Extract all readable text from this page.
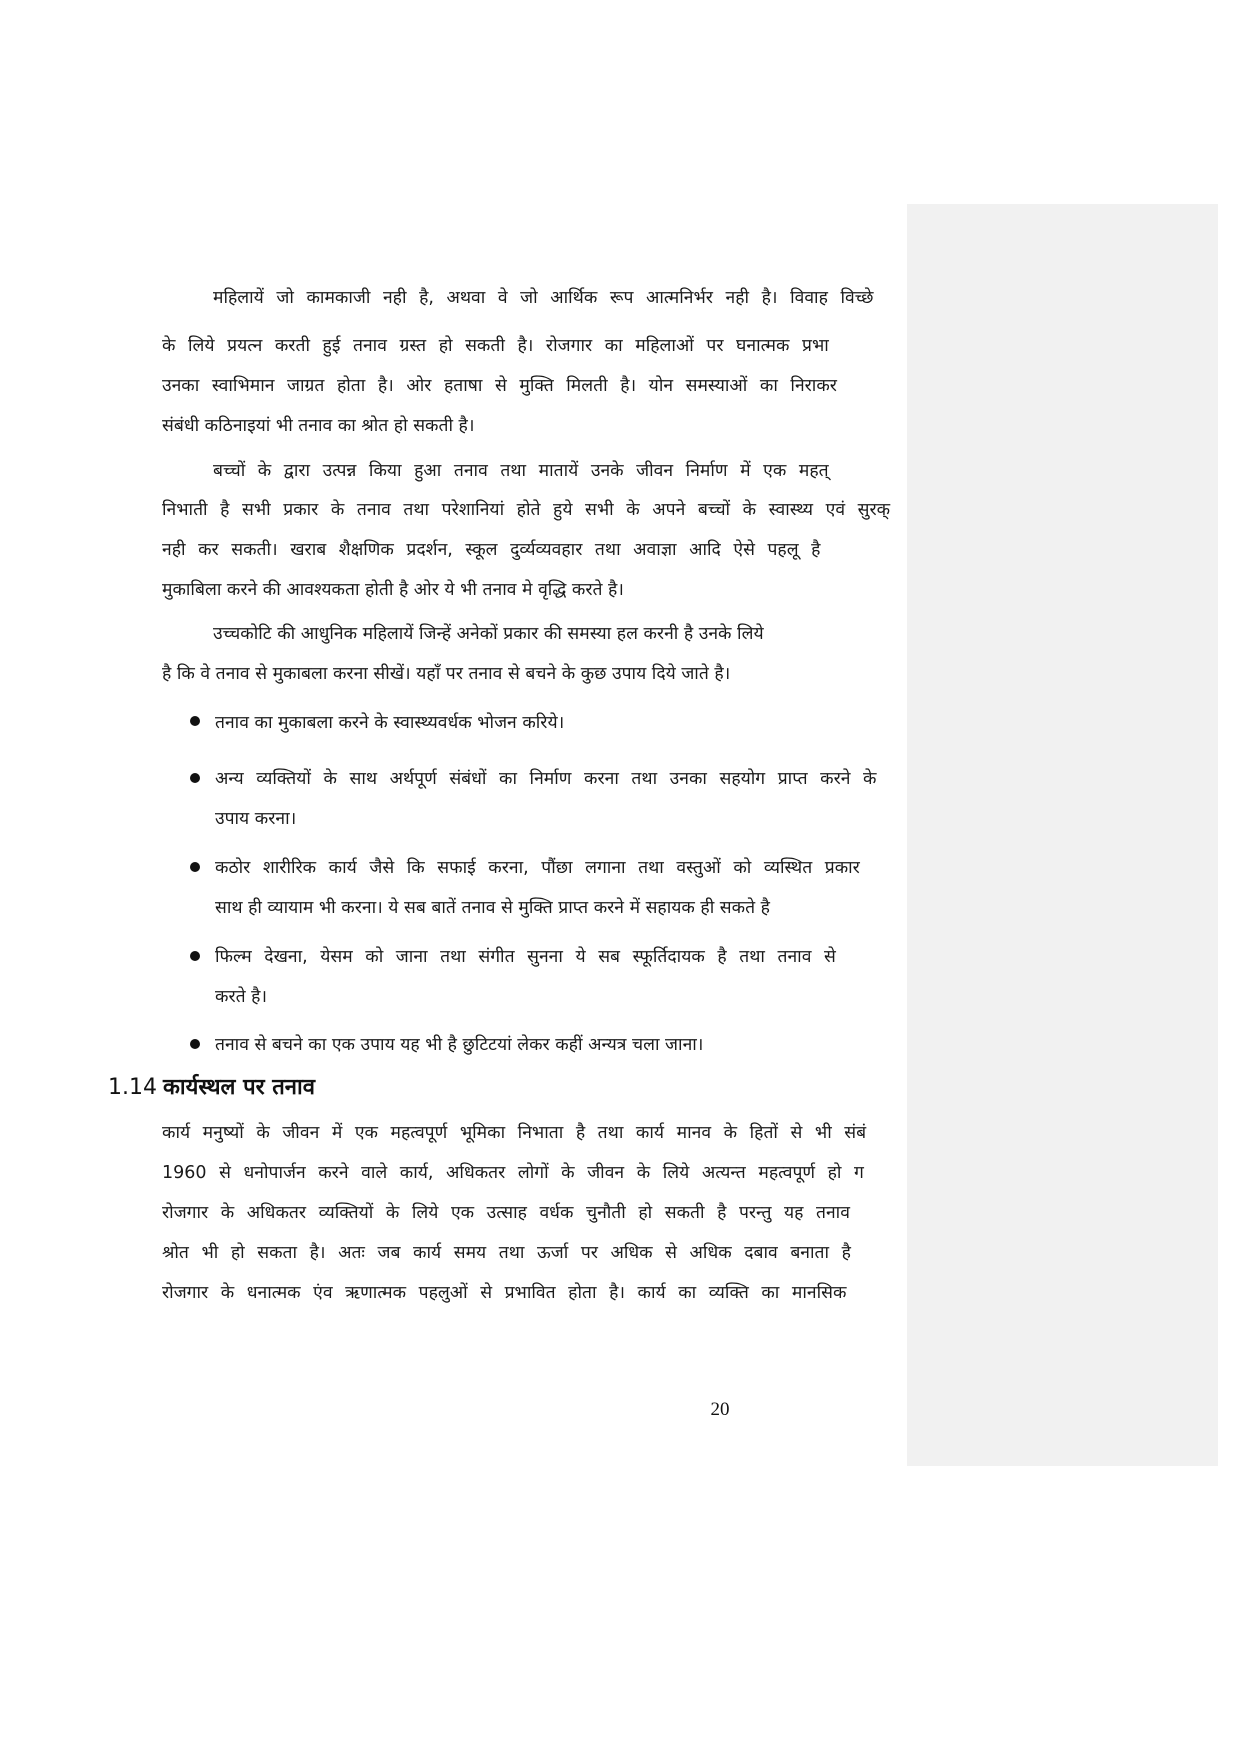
महिलायें जो कामकाजी नही है, अथवा वे जो आर्थिक रूप आत्मनिर्भर नही है। विवाह विच्छे
के लिये प्रयत्न करती हुई तनाव ग्रस्त हो सकती है। रोजगार का महिलाओं पर घनात्मक प्रभा
उनका स्वाभिमान जाग्रत होता है। ओर हताषा से मुक्ति मिलती है। योन समस्याओं का निराकर
संबंधी कठिनाइयां भी तनाव का श्रोत हो सकती है।
बच्चों के द्वारा उत्पन्न किया हुआ तनाव तथा मातायें उनके जीवन निर्माण में एक महत्
निभाती है सभी प्रकार के तनाव तथा परेशानियां होते हुये सभी के अपने बच्चों के स्वास्थ्य एवं सुरक्
नही कर सकती। खराब शैक्षणिक प्रदर्शन, स्कूल दुर्व्यव्यवहार तथा अवाज्ञा आदि ऐसे पहलू है
मुकाबिला करने की आवश्यकता होती है ओर ये भी तनाव मे वृद्धि करते है।
उच्चकोटि की आधुनिक महिलायें जिन्हें अनेकों प्रकार की समस्या हल करनी है उनके लिये
है कि वे तनाव से मुकाबला करना सीखें। यहाँ पर तनाव से बचने के कुछ उपाय दिये जाते है।
तनाव का मुकाबला करने के स्वास्थ्यवर्धक भोजन करिये।
अन्य व्यक्तियों के साथ अर्थपूर्ण संबंधों का निर्माण करना तथा उनका सहयोग प्राप्त करने के
उपाय करना।
कठोर शारीरिक कार्य जैसे कि सफाई करना, पौंछा लगाना तथा वस्तुओं को व्यस्थित प्रकार
साथ ही व्यायाम भी करना। ये सब बातें तनाव से मुक्ति प्राप्त करने में सहायक ही सकते है
फिल्म देखना, येसम को जाना तथा संगीत सुनना ये सब स्फूर्तिदायक है तथा तनाव से
करते है।
तनाव से बचने का एक उपाय यह भी है छुटिटयां लेकर कहीं अन्यत्र चला जाना।
1.14 कार्यस्थल पर तनाव
कार्य मनुष्यों के जीवन में एक महत्वपूर्ण भूमिका निभाता है तथा कार्य मानव के हितों से भी संबं
1960 से धनोपार्जन करने वाले कार्य, अधिकतर लोगों के जीवन के लिये अत्यन्त महत्वपूर्ण हो ग
रोजगार के अधिकतर व्यक्तियों के लिये एक उत्साह वर्धक चुनौती हो सकती है परन्तु यह तनाव
श्रोत भी हो सकता है। अतः जब कार्य समय तथा ऊर्जा पर अधिक से अधिक दबाव बनाता है
रोजगार के धनात्मक एंव ऋणात्मक पहलुओं से प्रभावित होता है। कार्य का व्यक्ति का मानसिक
20
